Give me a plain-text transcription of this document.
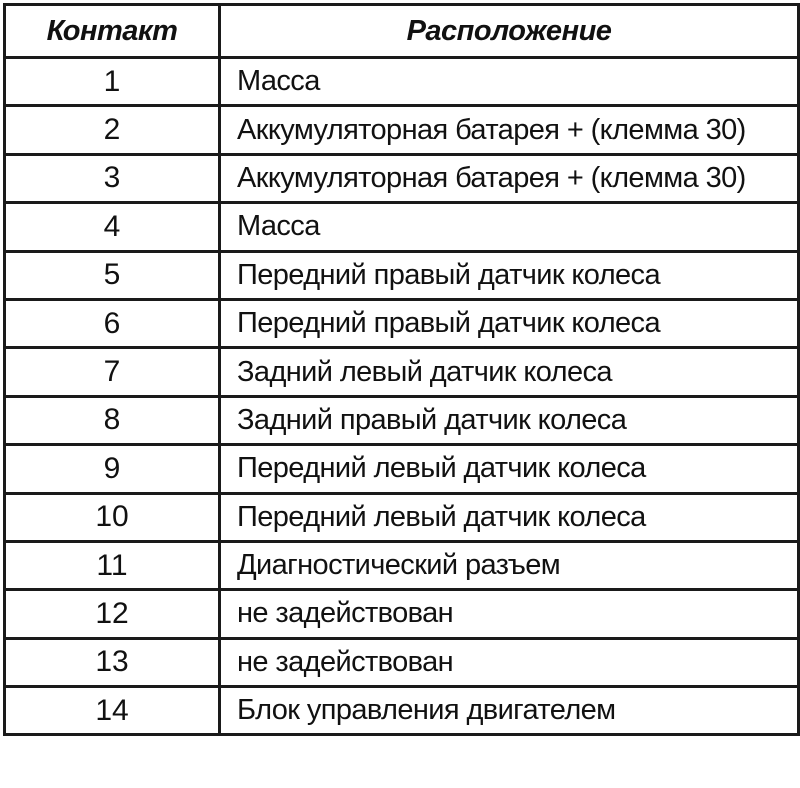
Контакт	Расположение
1	Масса
2	Аккумуляторная батарея + (клемма 30)
3	Аккумуляторная батарея + (клемма 30)
4	Масса
5	Передний правый датчик колеса
6	Передний правый датчик колеса
7	Задний левый датчик колеса
8	Задний правый датчик колеса
9	Передний левый датчик колеса
10	Передний левый датчик колеса
11	Диагностический разъем
12	не задействован
13	не задействован
14	Блок управления двигателем
